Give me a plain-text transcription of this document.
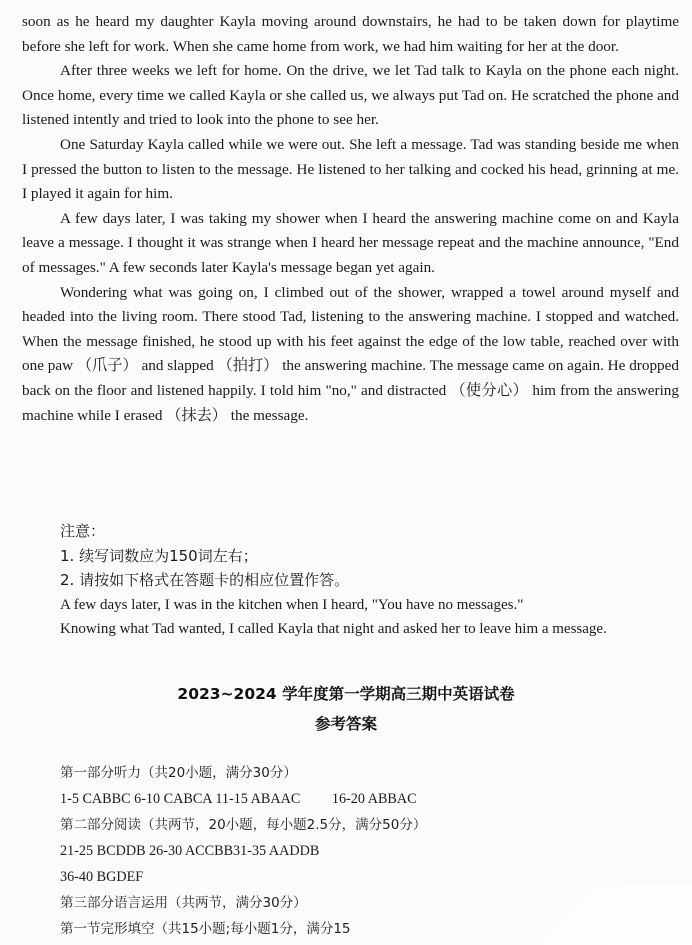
soon as he heard my daughter Kayla moving around downstairs, he had to be taken down for playtime before she left for work. When she came home from work, we had him waiting for her at the door.

After three weeks we left for home. On the drive, we let Tad talk to Kayla on the phone each night. Once home, every time we called Kayla or she called us, we always put Tad on. He scratched the phone and listened intently and tried to look into the phone to see her.

One Saturday Kayla called while we were out. She left a message. Tad was standing beside me when I pressed the button to listen to the message. He listened to her talking and cocked his head, grinning at me. I played it again for him.

A few days later, I was taking my shower when I heard the answering machine come on and Kayla leave a message. I thought it was strange when I heard her message repeat and the machine announce, "End of messages." A few seconds later Kayla's message began yet again.

Wondering what was going on, I climbed out of the shower, wrapped a towel around myself and headed into the living room. There stood Tad, listening to the answering machine. I stopped and watched. When the message finished, he stood up with his feet against the edge of the low table, reached over with one paw （爪子） and slapped （拍打） the answering machine. The message came on again. He dropped back on the floor and listened happily. I told him "no," and distracted （使分心） him from the answering machine while I erased （抹去） the message.

注意：

1. 续写词数应为150词左右；

2. 请按如下格式在答题卡的相应位置作答。

A few days later, I was in the kitchen when I heard, "You have no messages."

Knowing what Tad wanted, I called Kayla that night and asked her to leave him a message.

2023~2024 学年度第一学期高三期中英语试卷
参考答案
第一部分听力（共20小题，满分30分）
1-5 CABBC 6-10 CABCA 11-15 ABAAC 16-20 ABBAC
第二部分阅读（共两节，20小题，每小题2.5分，满分50分）
21-25 BCDDB 26-30 ACCBB31-35 AADDB
36-40 BGDEF
第三部分语言运用（共两节，满分30分）
第一节完形填空（共15小题;每小题1分，满分15
